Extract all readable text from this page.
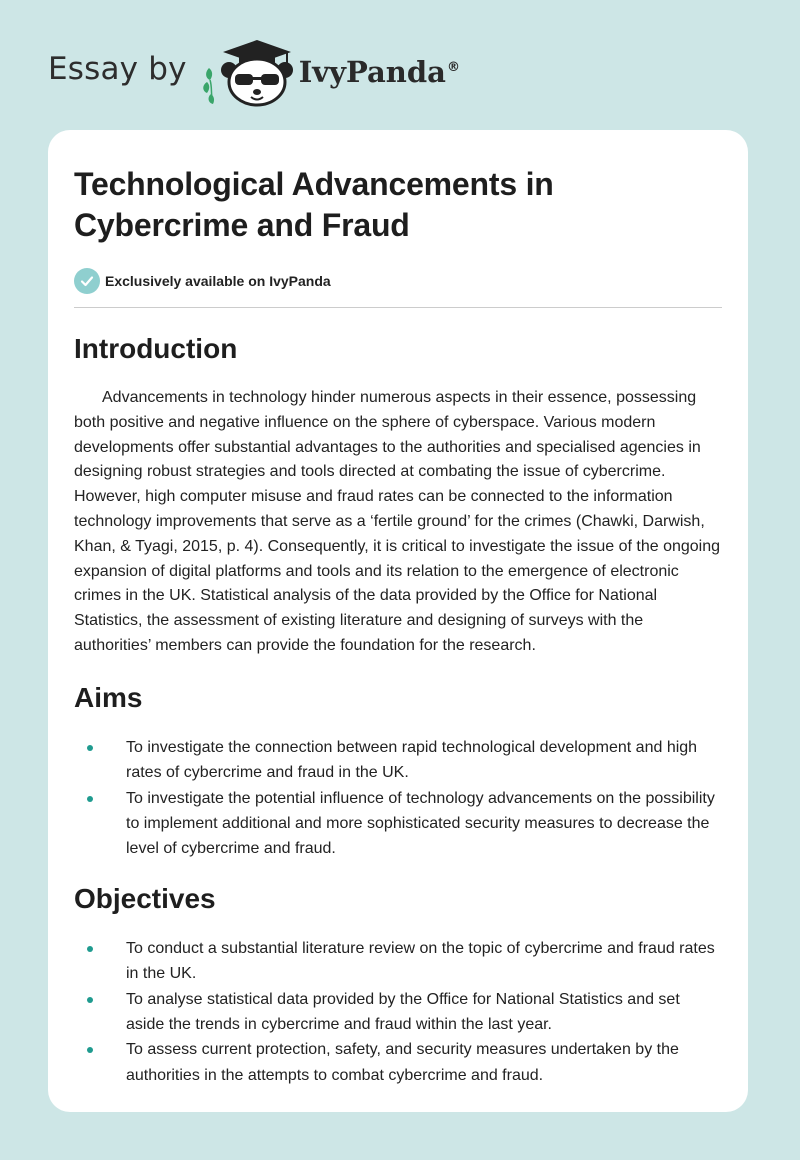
Essay by	IvyPanda®
Technological Advancements in Cybercrime and Fraud
Exclusively available on IvyPanda
Introduction

Advancements in technology hinder numerous aspects in their essence, possessing both positive and negative influence on the sphere of cyberspace. Various modern developments offer substantial advantages to the authorities and specialised agencies in designing robust strategies and tools directed at combating the issue of cybercrime. However, high computer misuse and fraud rates can be connected to the information technology improvements that serve as a ‘fertile ground’ for the crimes (Chawki, Darwish, Khan, & Tyagi, 2015, p. 4). Consequently, it is critical to investigate the issue of the ongoing expansion of digital platforms and tools and its relation to the emergence of electronic crimes in the UK. Statistical analysis of the data provided by the Office for National Statistics, the assessment of existing literature and designing of surveys with the authorities’ members can provide the foundation for the research.

Aims
To investigate the connection between rapid technological development and high rates of cybercrime and fraud in the UK.
To investigate the potential influence of technology advancements on the possibility to implement additional and more sophisticated security measures to decrease the level of cybercrime and fraud.
Objectives
To conduct a substantial literature review on the topic of cybercrime and fraud rates in the UK.
To analyse statistical data provided by the Office for National Statistics and set aside the trends in cybercrime and fraud within the last year.
To assess current protection, safety, and security measures undertaken by the authorities in the attempts to combat cybercrime and fraud.
